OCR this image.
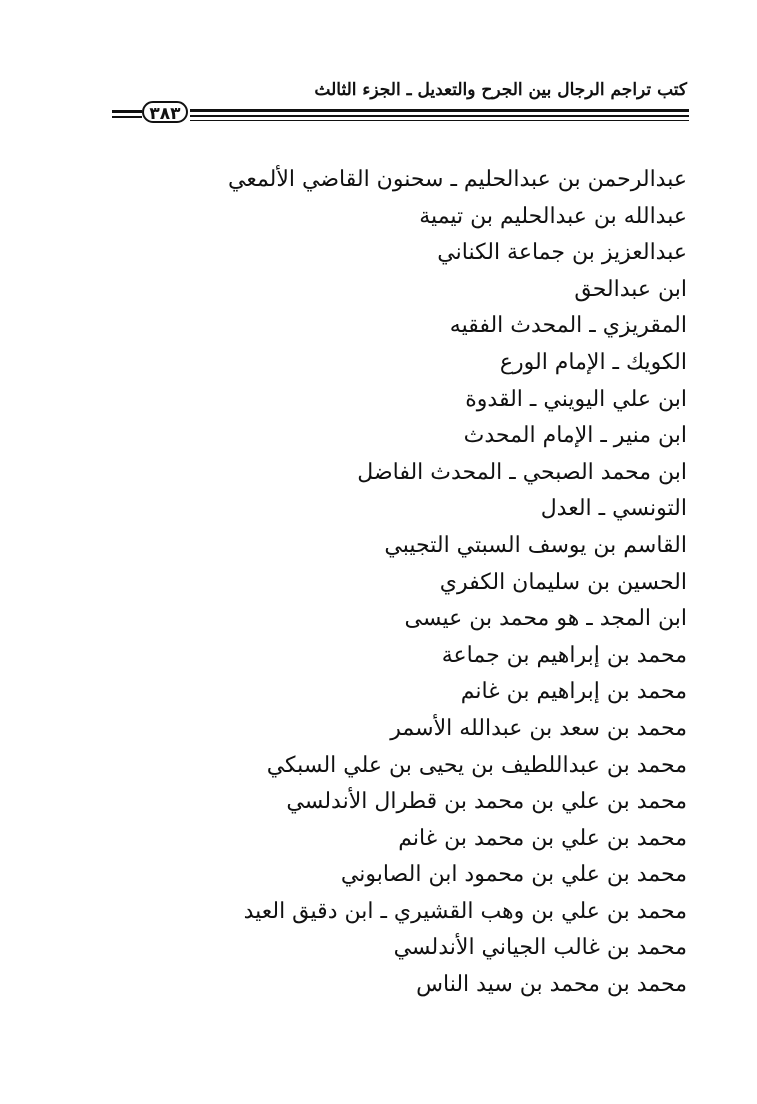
كتب تراجم الرجال بين الجرح والتعديل ـ الجزء الثالث
٣٨٣
عبدالرحمن بن عبدالحليم ـ سحنون القاضي الألمعي
عبدالله بن عبدالحليم بن تيمية
عبدالعزيز بن جماعة الكناني
ابن عبدالحق
المقريزي ـ المحدث الفقيه
الكويك ـ الإمام الورع
ابن علي اليويني ـ القدوة
ابن منير ـ الإمام المحدث
ابن محمد الصبحي ـ المحدث الفاضل
التونسي ـ العدل
القاسم بن يوسف السبتي التجيبي
الحسين بن سليمان الكفري
ابن المجد ـ هو محمد بن عيسى
محمد بن إبراهيم بن جماعة
محمد بن إبراهيم بن غانم
محمد بن سعد بن عبدالله الأسمر
محمد بن عبداللطيف بن يحيى بن علي السبكي
محمد بن علي بن محمد بن قطرال الأندلسي
محمد بن علي بن محمد بن غانم
محمد بن علي بن محمود ابن الصابوني
محمد بن علي بن وهب القشيري ـ ابن دقيق العيد
محمد بن غالب الجياني الأندلسي
محمد بن محمد بن سيد الناس
